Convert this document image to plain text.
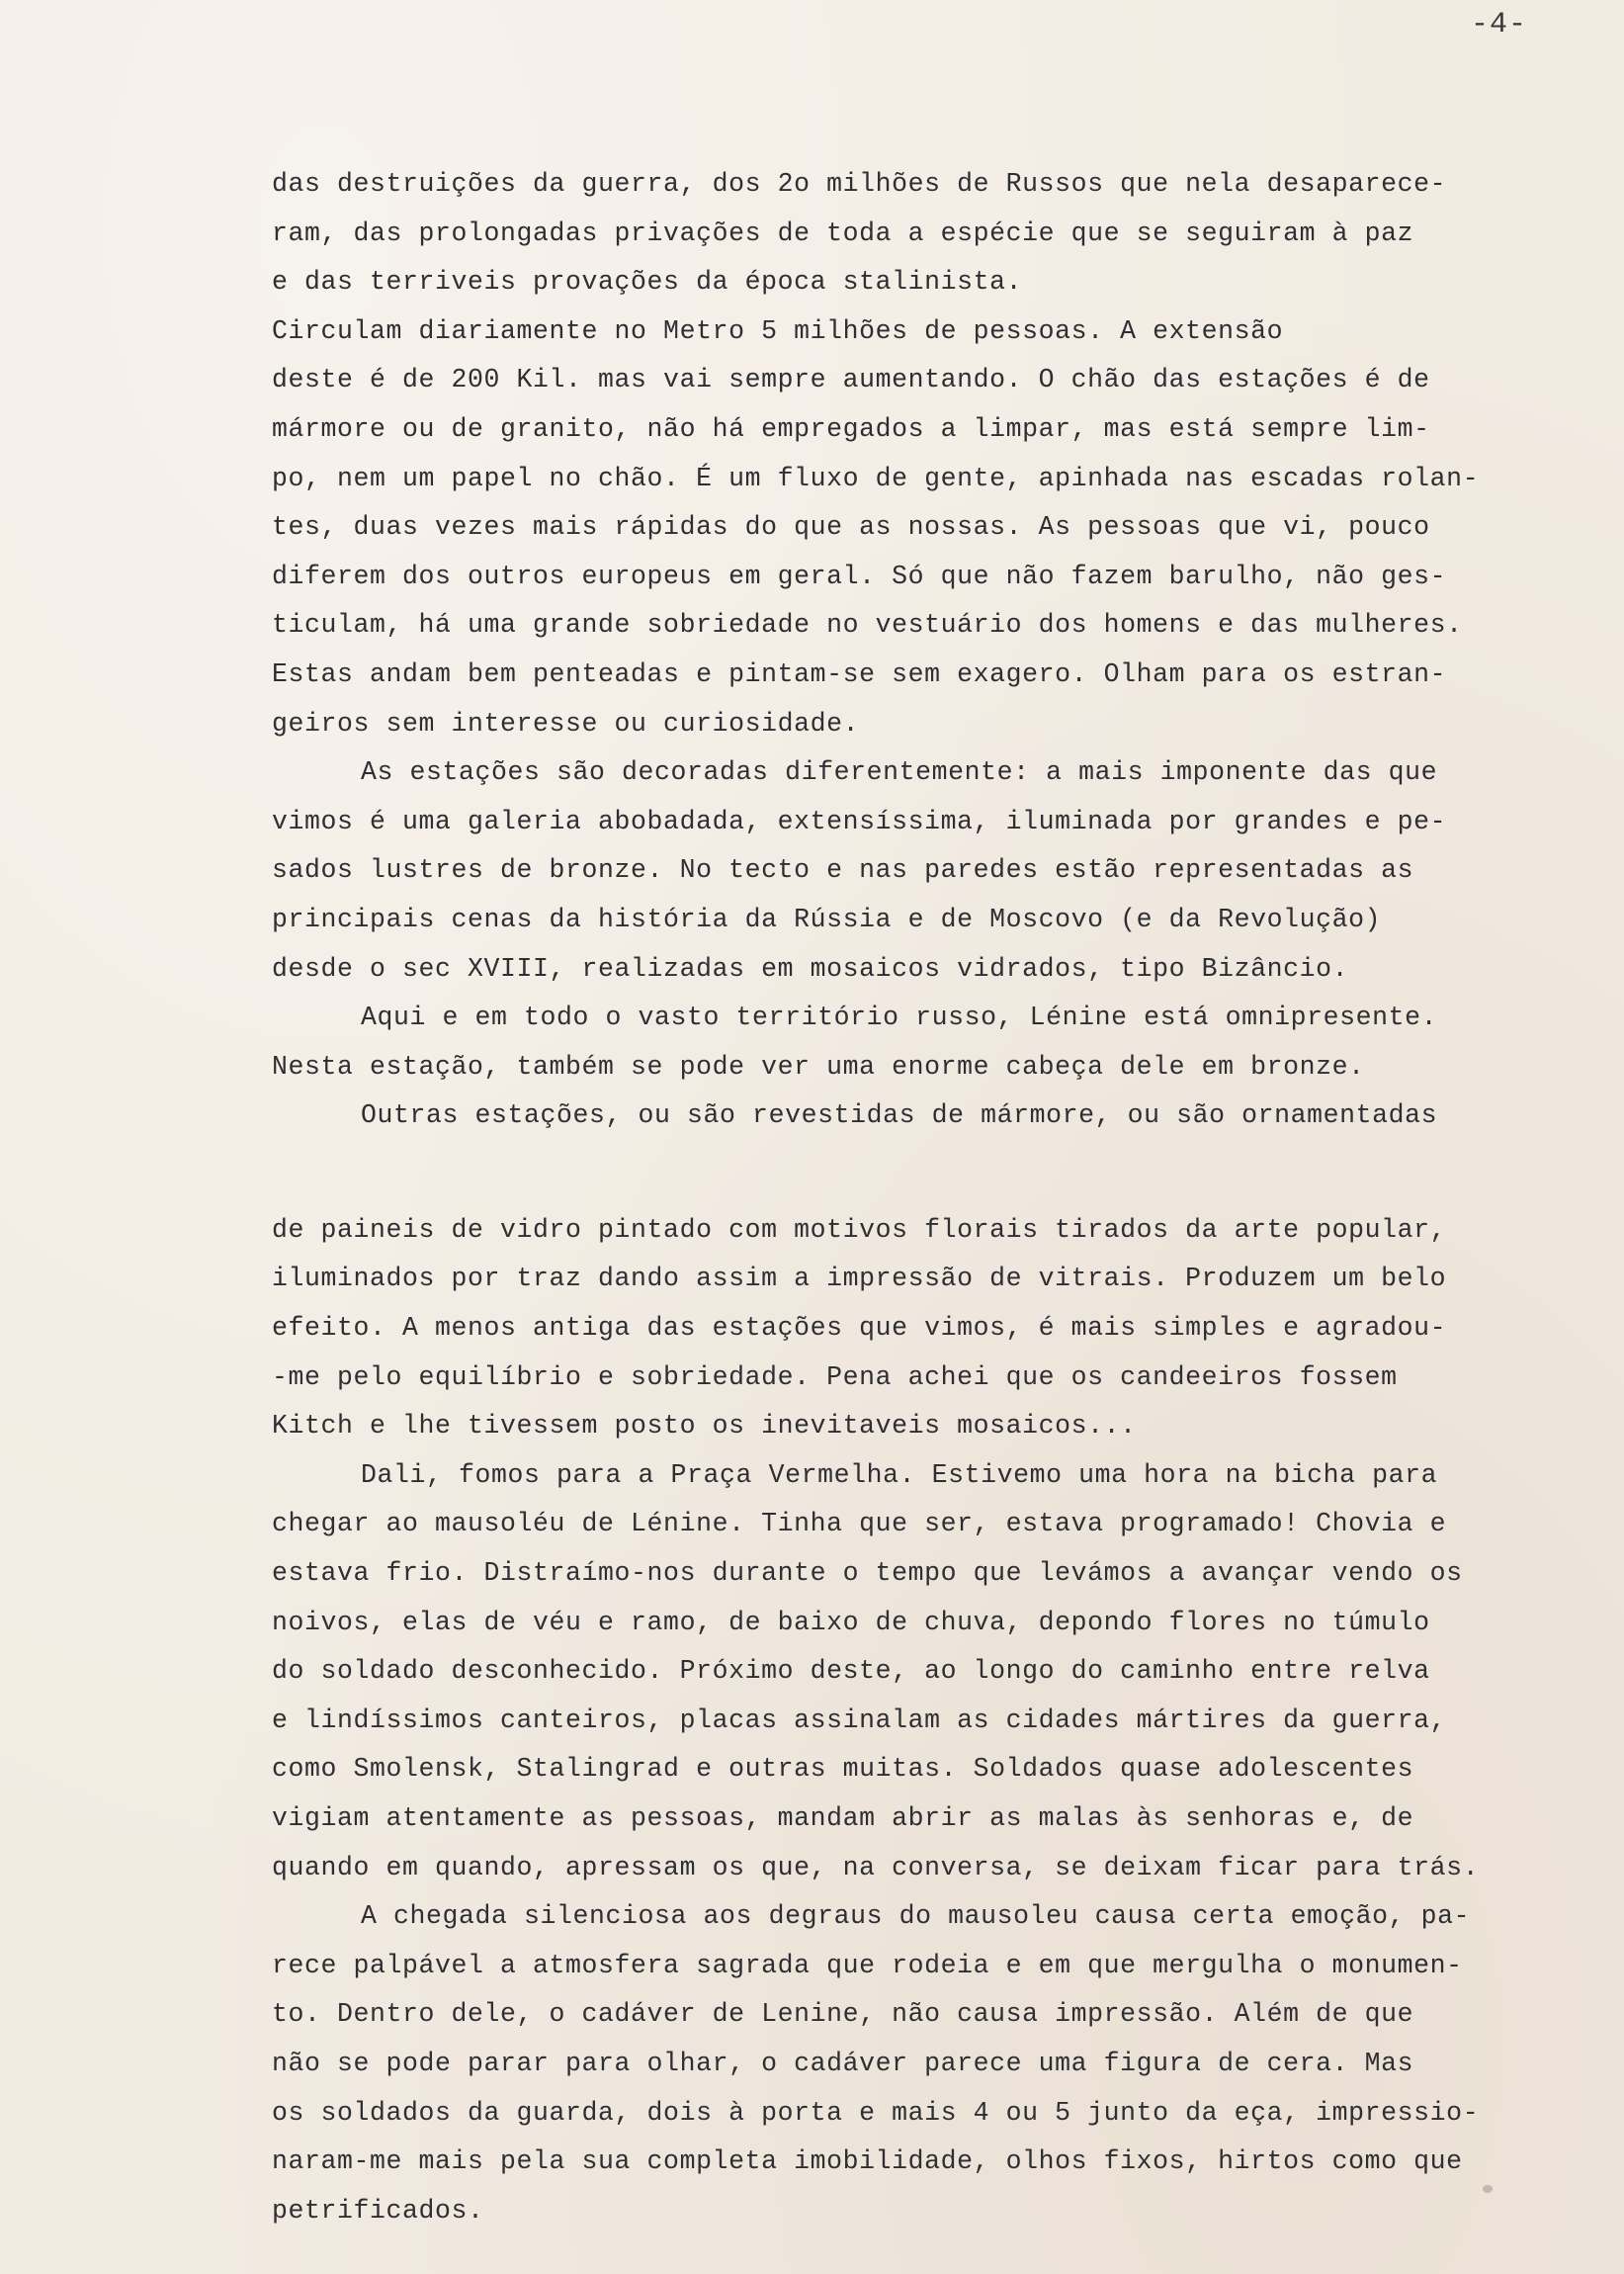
-4-
das destruições da guerra, dos 2o milhões de Russos que nela desaparece-
ram, das prolongadas privações de toda a espécie que se seguiram à paz
e das terriveis provações da época stalinista.
Circulam diariamente no Metro 5 milhões de pessoas. A extensão
deste é de 200 Kil. mas vai sempre aumentando. O chão das estações é de
mármore ou de granito, não há empregados a limpar, mas está sempre lim-
po, nem um papel no chão. É um fluxo de gente, apinhada nas escadas rolan-
tes, duas vezes mais rápidas do que as nossas. As pessoas que vi, pouco
diferem dos outros europeus em geral. Só que não fazem barulho, não ges-
ticulam, há uma grande sobriedade no vestuário dos homens e das mulheres.
Estas andam bem penteadas e pintam-se sem exagero. Olham para os estran-
geiros sem interesse ou curiosidade.
As estações são decoradas diferentemente: a mais imponente das que
vimos é uma galeria abobadada, extensíssima, iluminada por grandes e pe-
sados lustres de bronze. No tecto e nas paredes estão representadas as
principais cenas da história da Rússia e de Moscovo (e da Revolução)
desde o sec XVIII, realizadas em mosaicos vidrados, tipo Bizâncio.
Aqui e em todo o vasto território russo, Lénine está omnipresente.
Nesta estação, também se pode ver uma enorme cabeça dele em bronze.
Outras estações, ou são revestidas de mármore, ou são ornamentadas
de paineis de vidro pintado com motivos florais tirados da arte popular,
iluminados por traz dando assim a impressão de vitrais. Produzem um belo
efeito. A menos antiga das estações que vimos, é mais simples e agradou-
-me pelo equilíbrio e sobriedade. Pena achei que os candeeiros fossem
Kitch e lhe tivessem posto os inevitaveis mosaicos...
Dali, fomos para a Praça Vermelha. Estivemo uma hora na bicha para
chegar ao mausoléu de Lénine. Tinha que ser, estava programado! Chovia e
estava frio. Distraímo-nos durante o tempo que levámos a avançar vendo os
noivos, elas de véu e ramo, de baixo de chuva, depondo flores no túmulo
do soldado desconhecido. Próximo deste, ao longo do caminho entre relva
e lindíssimos canteiros, placas assinalam as cidades mártires da guerra,
como Smolensk, Stalingrad e outras muitas. Soldados quase adolescentes
vigiam atentamente as pessoas, mandam abrir as malas às senhoras e, de
quando em quando, apressam os que, na conversa, se deixam ficar para trás.
A chegada silenciosa aos degraus do mausoleu causa certa emoção, pa-
rece palpável a atmosfera sagrada que rodeia e em que mergulha o monumen-
to. Dentro dele, o cadáver de Lenine, não causa impressão. Além de que
não se pode parar para olhar, o cadáver parece uma figura de cera. Mas
os soldados da guarda, dois à porta e mais 4 ou 5 junto da eça, impressio-
naram-me mais pela sua completa imobilidade, olhos fixos, hirtos como que
petrificados.
